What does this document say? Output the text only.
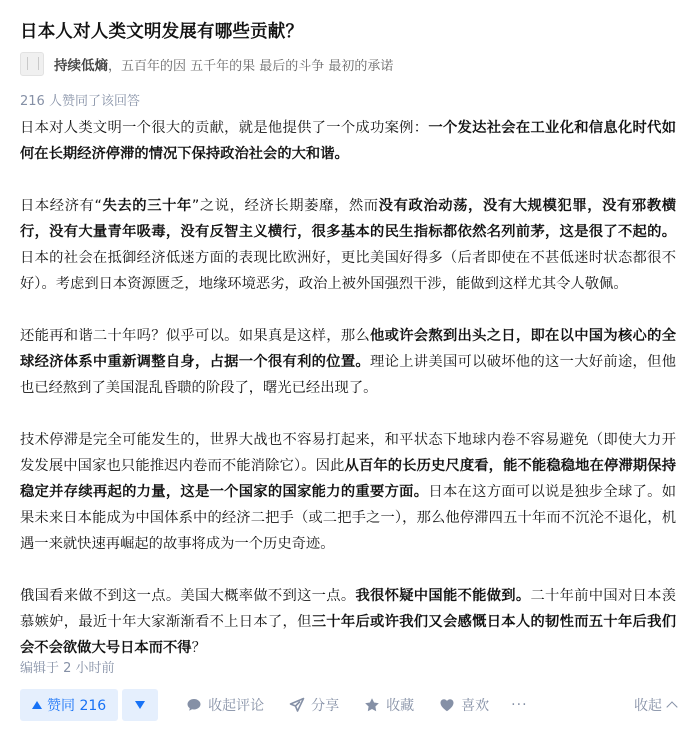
日本人对人类文明发展有哪些贡献？
持续低熵 ， 五百年的因 五千年的果 最后的斗争 最初的承诺
216 人赞同了该回答

日本对人类文明一个很大的贡献，就是他提供了一个成功案例：一个发达社会在工业化和信息化时代如何在长期经济停滞的情况下保持政治社会的大和谐。

日本经济有“失去的三十年”之说，经济长期萎靡，然而没有政治动荡，没有大规模犯罪，没有邪教横行，没有大量青年吸毒，没有反智主义横行，很多基本的民生指标都依然名列前茅，这是很了不起的。日本的社会在抵御经济低迷方面的表现比欧洲好，更比美国好得多（后者即使在不甚低迷时状态都很不好）。考虑到日本资源匮乏，地缘环境恶劣，政治上被外国强烈干涉，能做到这样尤其令人敬佩。

还能再和谐二十年吗？似乎可以。如果真是这样，那么他或许会熬到出头之日，即在以中国为核心的全球经济体系中重新调整自身，占据一个很有利的位置。理论上讲美国可以破坏他的这一大好前途，但他也已经熬到了美国混乱昏聩的阶段了，曙光已经出现了。

技术停滞是完全可能发生的，世界大战也不容易打起来，和平状态下地球内卷不容易避免（即使大力开发发展中国家也只能推迟内卷而不能消除它）。因此从百年的长历史尺度看，能不能稳稳地在停滞期保持稳定并存续再起的力量，这是一个国家的国家能力的重要方面。日本在这方面可以说是独步全球了。如果未来日本能成为中国体系中的经济二把手（或二把手之一），那么他停滞四五十年而不沉沦不退化，机遇一来就快速再崛起的故事将成为一个历史奇迹。

俄国看来做不到这一点。美国大概率做不到这一点。我很怀疑中国能不能做到。二十年前中国对日本羡慕嫉妒，最近十年大家渐渐看不上日本了，但三十年后或许我们又会感慨日本人的韧性而五十年后我们会不会欲做大号日本而不得？

编辑于 2 小时前
赞同 216	收起评论	分享	收藏	喜欢 ···	收起
